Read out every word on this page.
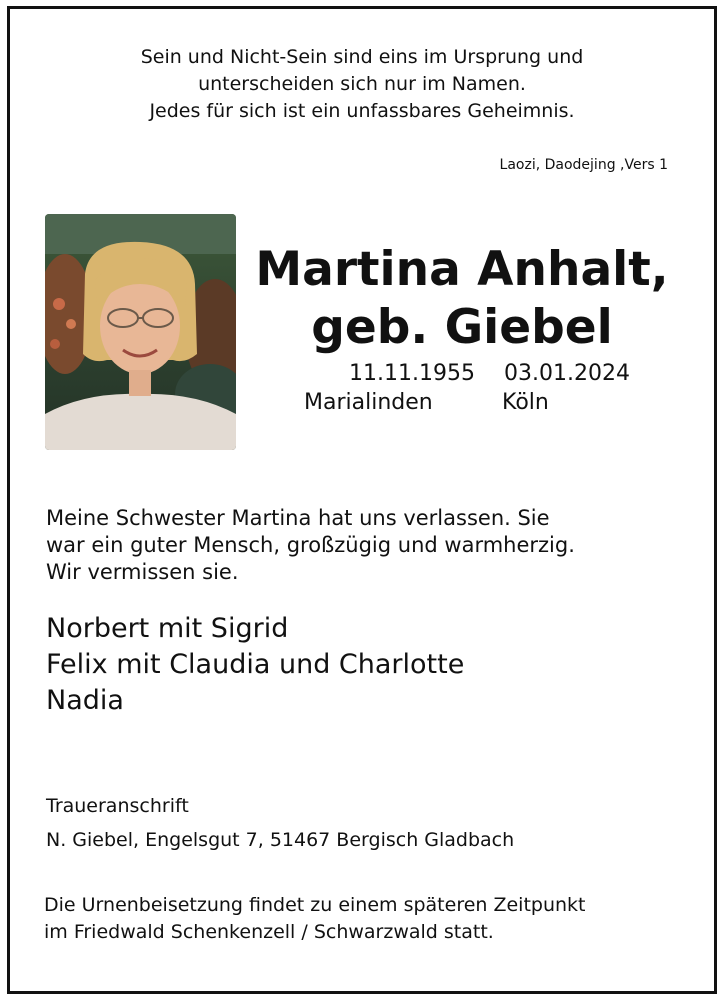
Sein und Nicht-Sein sind eins im Ursprung und
unterscheiden sich nur im Namen.
Jedes für sich ist ein unfassbares Geheimnis.
Laozi, Daodejing ,Vers 1
Martina Anhalt,
geb. Giebel
11.11.1955 03.01.2024
Marialinden	Köln
Meine Schwester Martina hat uns verlassen. Sie
war ein guter Mensch, großzügig und warmherzig.
Wir vermissen sie.
Norbert mit Sigrid
Felix mit Claudia und Charlotte
Nadia
Traueranschrift
N. Giebel, Engelsgut 7, 51467 Bergisch Gladbach
Die Urnenbeisetzung findet zu einem späteren Zeitpunkt
im Friedwald Schenkenzell / Schwarzwald statt.
